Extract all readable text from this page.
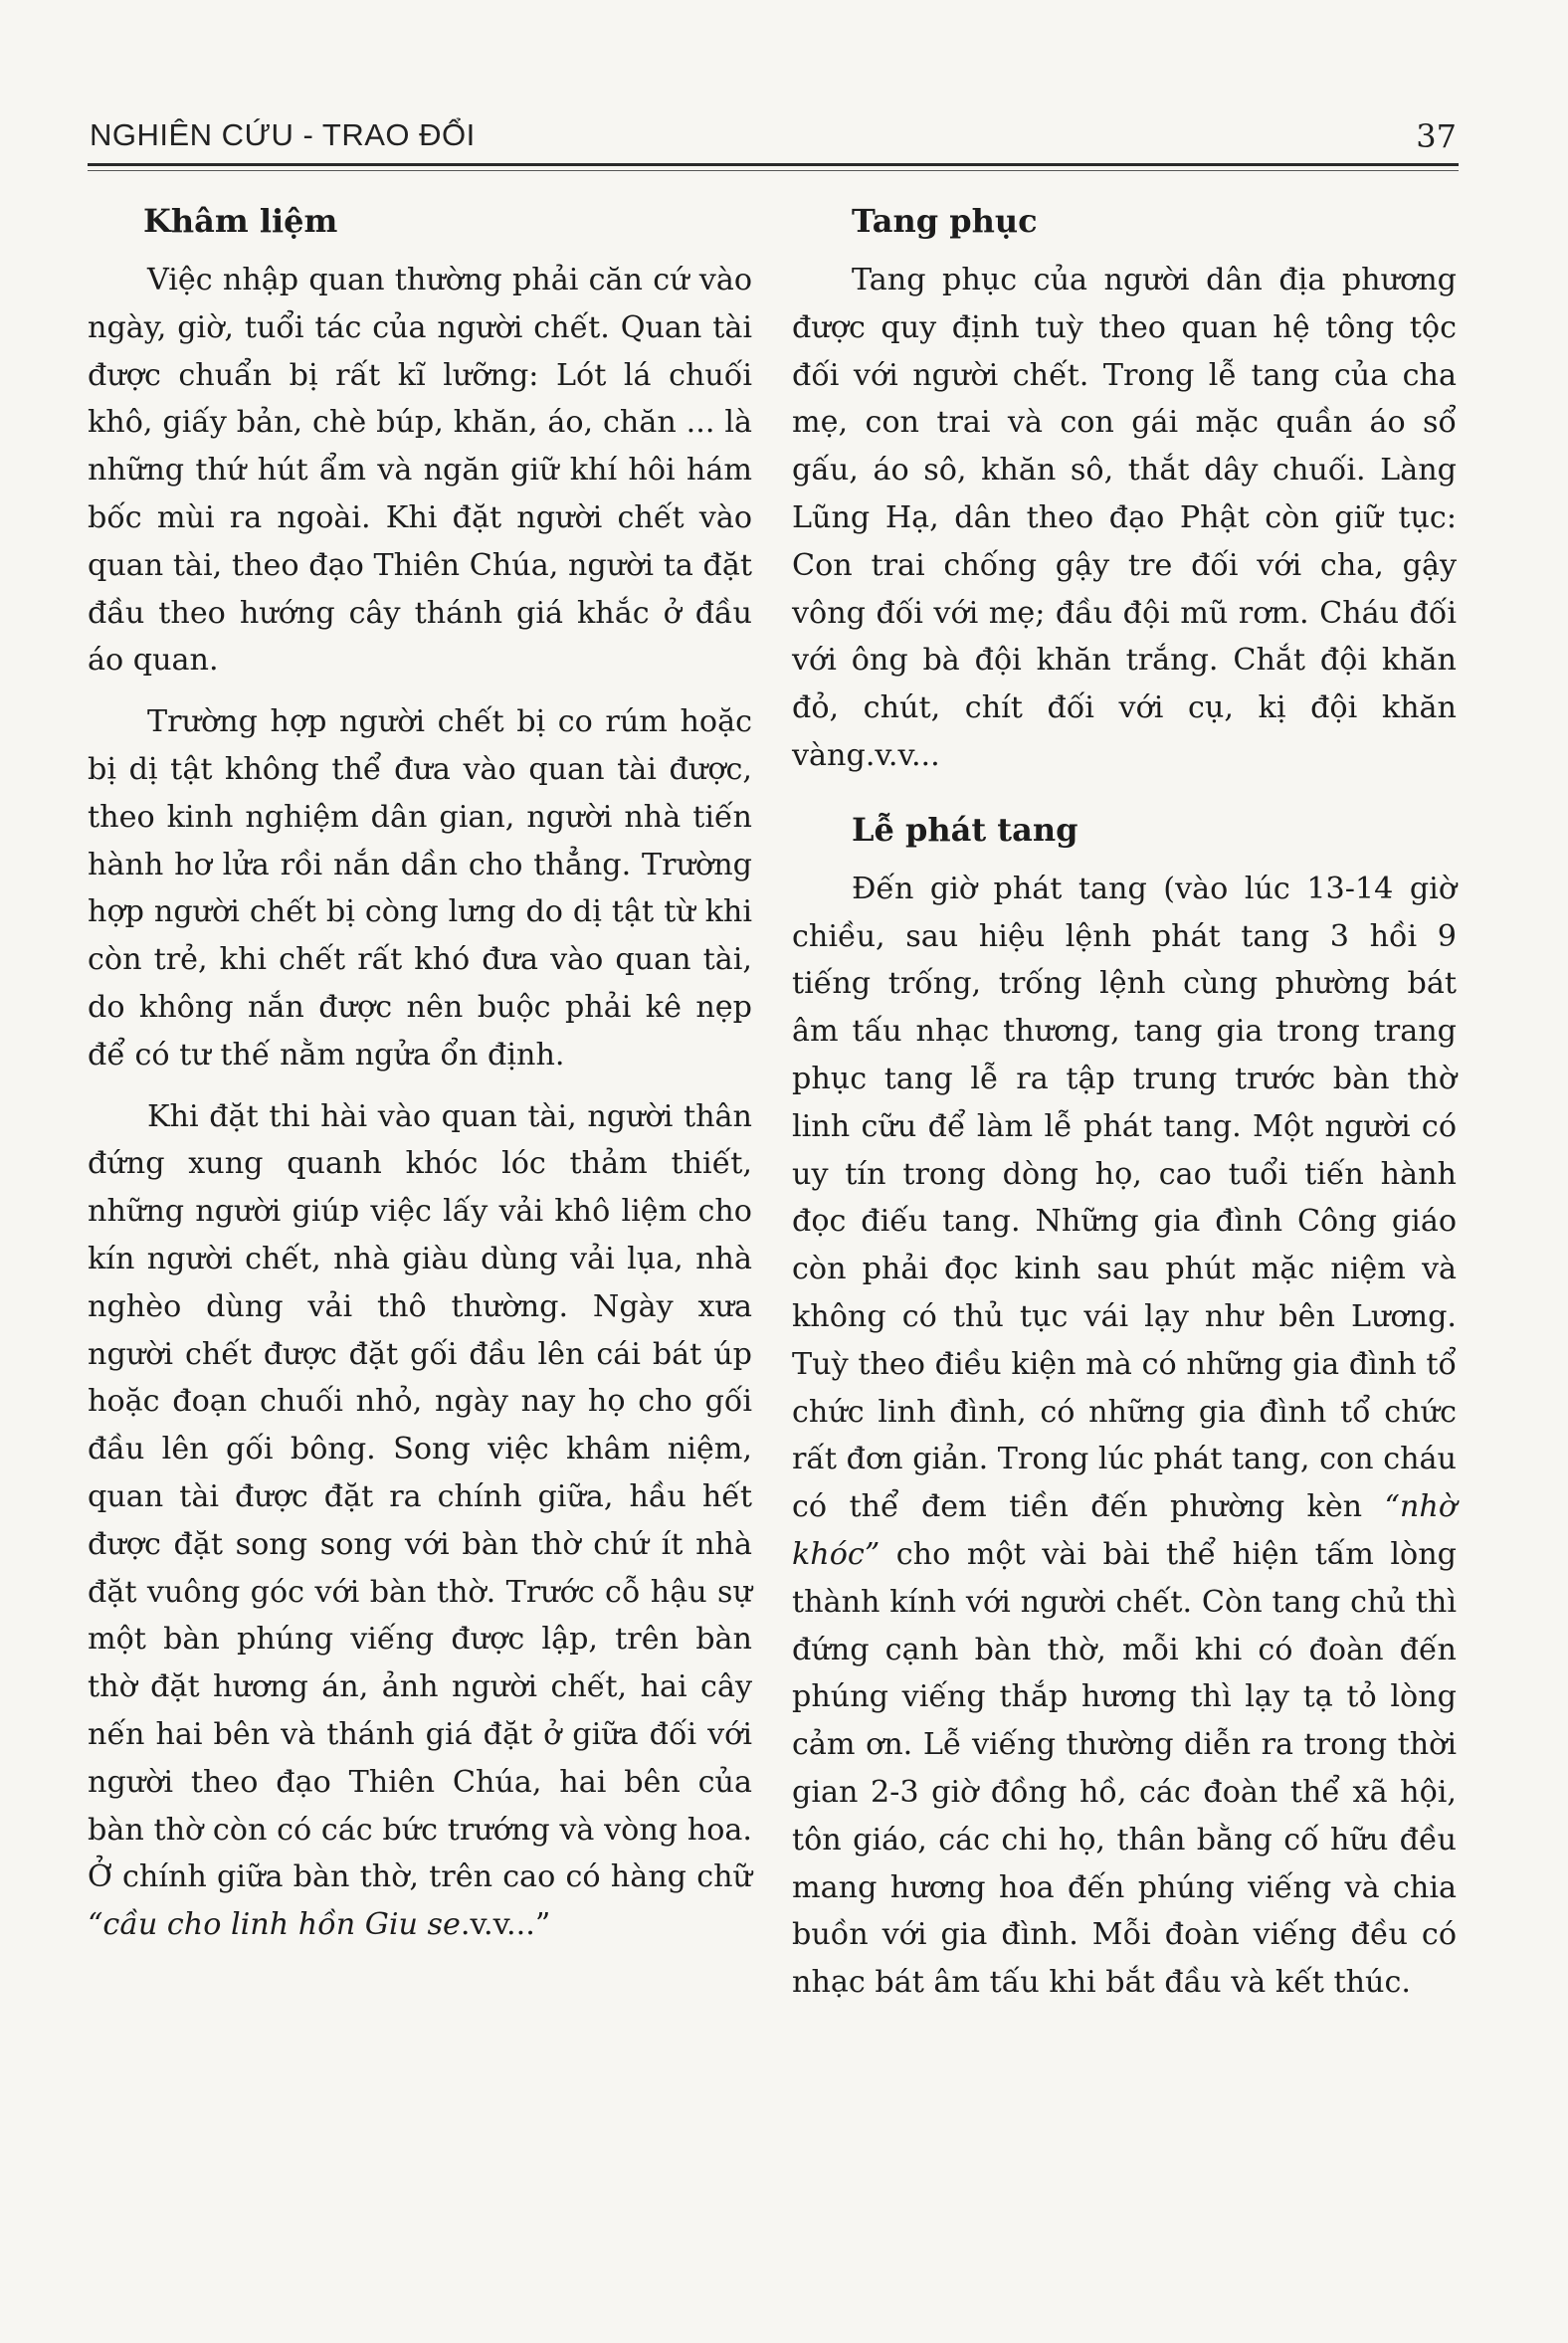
NGHIÊN CỨU - TRAO ĐỔI	37
Khâm liệm

Việc nhập quan thường phải căn cứ vào ngày, giờ, tuổi tác của người chết. Quan tài được chuẩn bị rất kĩ lưỡng: Lót lá chuối khô, giấy bản, chè búp, khăn, áo, chăn ... là những thứ hút ẩm và ngăn giữ khí hôi hám bốc mùi ra ngoài. Khi đặt người chết vào quan tài, theo đạo Thiên Chúa, người ta đặt đầu theo hướng cây thánh giá khắc ở đầu áo quan.

Trường hợp người chết bị co rúm hoặc bị dị tật không thể đưa vào quan tài được, theo kinh nghiệm dân gian, người nhà tiến hành hơ lửa rồi nắn dần cho thẳng. Trường hợp người chết bị còng lưng do dị tật từ khi còn trẻ, khi chết rất khó đưa vào quan tài, do không nắn được nên buộc phải kê nẹp để có tư thế nằm ngửa ổn định.

Khi đặt thi hài vào quan tài, người thân đứng xung quanh khóc lóc thảm thiết, những người giúp việc lấy vải khô liệm cho kín người chết, nhà giàu dùng vải lụa, nhà nghèo dùng vải thô thường. Ngày xưa người chết được đặt gối đầu lên cái bát úp hoặc đoạn chuối nhỏ, ngày nay họ cho gối đầu lên gối bông. Song việc khâm niệm, quan tài được đặt ra chính giữa, hầu hết được đặt song song với bàn thờ chứ ít nhà đặt vuông góc với bàn thờ. Trước cỗ hậu sự một bàn phúng viếng được lập, trên bàn thờ đặt hương án, ảnh người chết, hai cây nến hai bên và thánh giá đặt ở giữa đối với người theo đạo Thiên Chúa, hai bên của bàn thờ còn có các bức trướng và vòng hoa. Ở chính giữa bàn thờ, trên cao có hàng chữ “cầu cho linh hồn Giu se.v.v...”

Tang phục

Tang phục của người dân địa phương được quy định tuỳ theo quan hệ tông tộc đối với người chết. Trong lễ tang của cha mẹ, con trai và con gái mặc quần áo sổ gấu, áo sô, khăn sô, thắt dây chuối. Làng Lũng Hạ, dân theo đạo Phật còn giữ tục: Con trai chống gậy tre đối với cha, gậy vông đối với mẹ; đầu đội mũ rơm. Cháu đối với ông bà đội khăn trắng. Chắt đội khăn đỏ, chút, chít đối với cụ, kị đội khăn vàng.v.v...

Lễ phát tang

Đến giờ phát tang (vào lúc 13-14 giờ chiều, sau hiệu lệnh phát tang 3 hồi 9 tiếng trống, trống lệnh cùng phường bát âm tấu nhạc thương, tang gia trong trang phục tang lễ ra tập trung trước bàn thờ linh cữu để làm lễ phát tang. Một người có uy tín trong dòng họ, cao tuổi tiến hành đọc điếu tang. Những gia đình Công giáo còn phải đọc kinh sau phút mặc niệm và không có thủ tục vái lạy như bên Lương. Tuỳ theo điều kiện mà có những gia đình tổ chức linh đình, có những gia đình tổ chức rất đơn giản. Trong lúc phát tang, con cháu có thể đem tiền đến phường kèn “nhờ khóc” cho một vài bài thể hiện tấm lòng thành kính với người chết. Còn tang chủ thì đứng cạnh bàn thờ, mỗi khi có đoàn đến phúng viếng thắp hương thì lạy tạ tỏ lòng cảm ơn. Lễ viếng thường diễn ra trong thời gian 2-3 giờ đồng hồ, các đoàn thể xã hội, tôn giáo, các chi họ, thân bằng cố hữu đều mang hương hoa đến phúng viếng và chia buồn với gia đình. Mỗi đoàn viếng đều có nhạc bát âm tấu khi bắt đầu và kết thúc.
